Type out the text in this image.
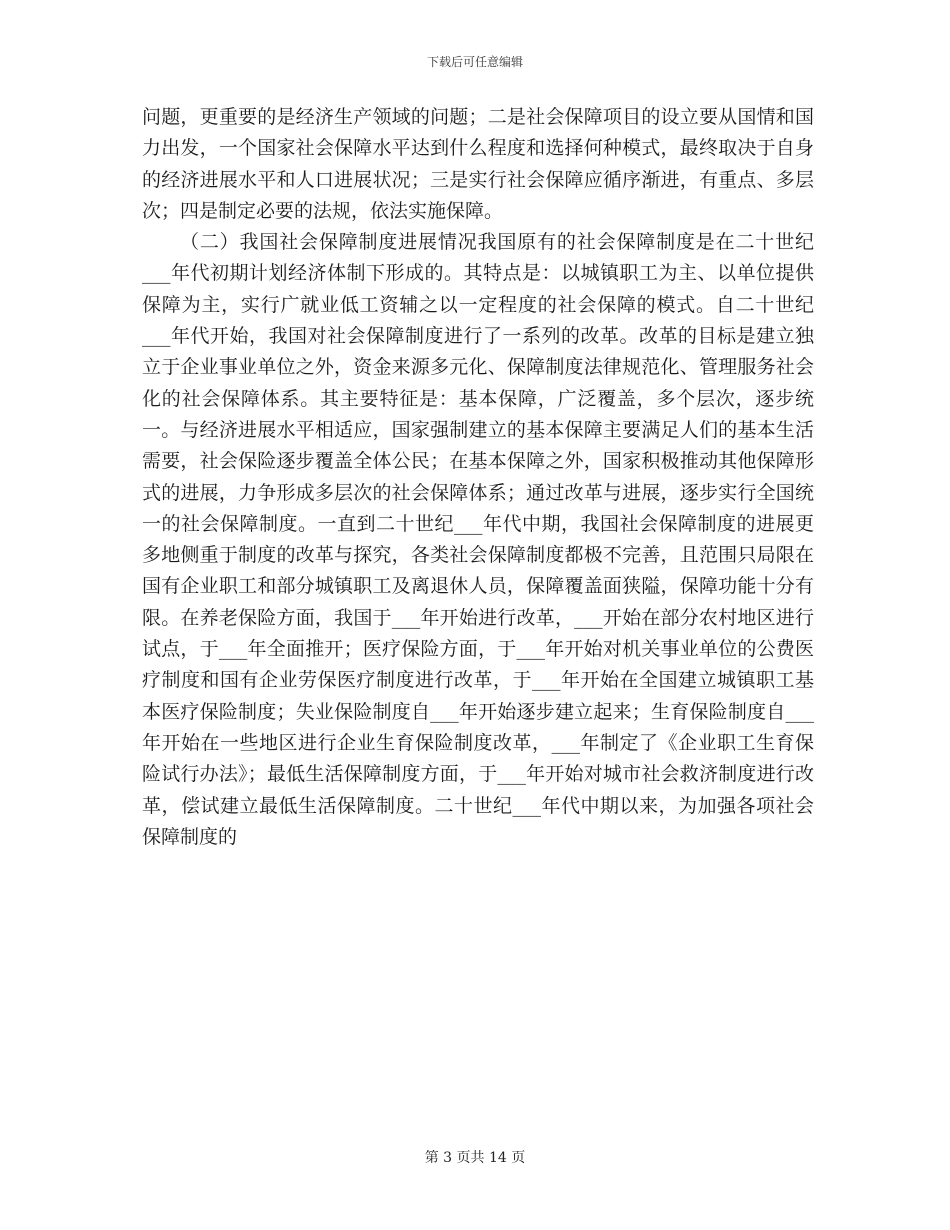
下载后可任意编辑

问题，更重要的是经济生产领域的问题；二是社会保障项目的设立要从国情和国力出发，一个国家社会保障水平达到什么程度和选择何种模式，最终取决于自身的经济进展水平和人口进展状况；三是实行社会保障应循序渐进，有重点、多层次；四是制定必要的法规，依法实施保障。

（二）我国社会保障制度进展情况我国原有的社会保障制度是在二十世纪___年代初期计划经济体制下形成的。其特点是：以城镇职工为主、以单位提供保障为主，实行广就业低工资辅之以一定程度的社会保障的模式。自二十世纪___年代开始，我国对社会保障制度进行了一系列的改革。改革的目标是建立独立于企业事业单位之外，资金来源多元化、保障制度法律规范化、管理服务社会化的社会保障体系。其主要特征是：基本保障，广泛覆盖，多个层次，逐步统一。与经济进展水平相适应，国家强制建立的基本保障主要满足人们的基本生活需要，社会保险逐步覆盖全体公民；在基本保障之外，国家积极推动其他保障形式的进展，力争形成多层次的社会保障体系；通过改革与进展，逐步实行全国统一的社会保障制度。一直到二十世纪___年代中期，我国社会保障制度的进展更多地侧重于制度的改革与探究，各类社会保障制度都极不完善，且范围只局限在国有企业职工和部分城镇职工及离退休人员，保障覆盖面狭隘，保障功能十分有限。在养老保险方面，我国于___年开始进行改革，___开始在部分农村地区进行试点，于___年全面推开；医疗保险方面，于___年开始对机关事业单位的公费医疗制度和国有企业劳保医疗制度进行改革，于___年开始在全国建立城镇职工基本医疗保险制度；失业保险制度自___年开始逐步建立起来；生育保险制度自___年开始在一些地区进行企业生育保险制度改革，___年制定了《企业职工生育保险试行办法》；最低生活保障制度方面，于___年开始对城市社会救济制度进行改革，偿试建立最低生活保障制度。二十世纪___年代中期以来，为加强各项社会保障制度的

第 3 页共 14 页
